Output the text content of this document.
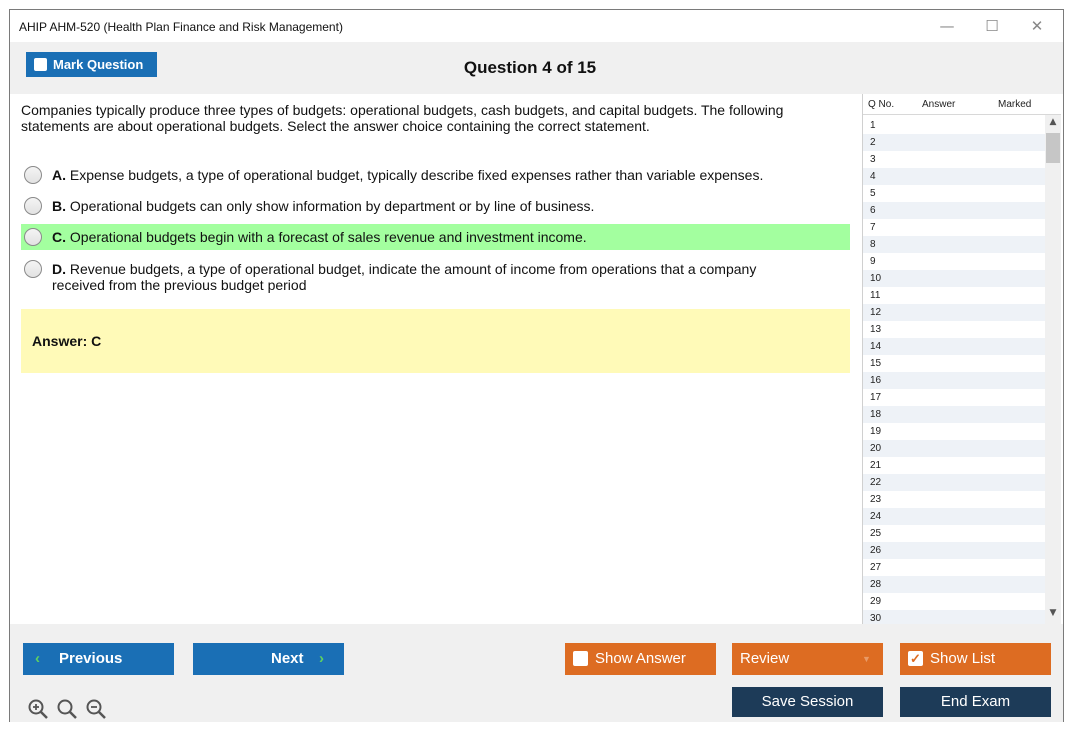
AHIP AHM-520 (Health Plan Finance and Risk Management)	—	☐	✕
Mark Question	Question 4 of 15
Companies typically produce three types of budgets: operational budgets, cash budgets, and capital budgets. The following statements are about operational budgets. Select the answer choice containing the correct statement.
A. Expense budgets, a type of operational budget, typically describe fixed expenses rather than variable expenses.
B. Operational budgets can only show information by department or by line of business.
C. Operational budgets begin with a forecast of sales revenue and investment income.
D. Revenue budgets, a type of operational budget, indicate the amount of income from operations that a company received from the previous budget period
Answer: C
Q No.	Answer	Marked
1
2
3
4
5
6
7
8
9
10
11
12
13
14
15
16
17
18
19
20
21
22
23
24
25
26
27
28
29
30
▲
▼
‹ Previous	Next ›	Show Answer	Review	▼	✓ Show List
Save Session	End Exam
